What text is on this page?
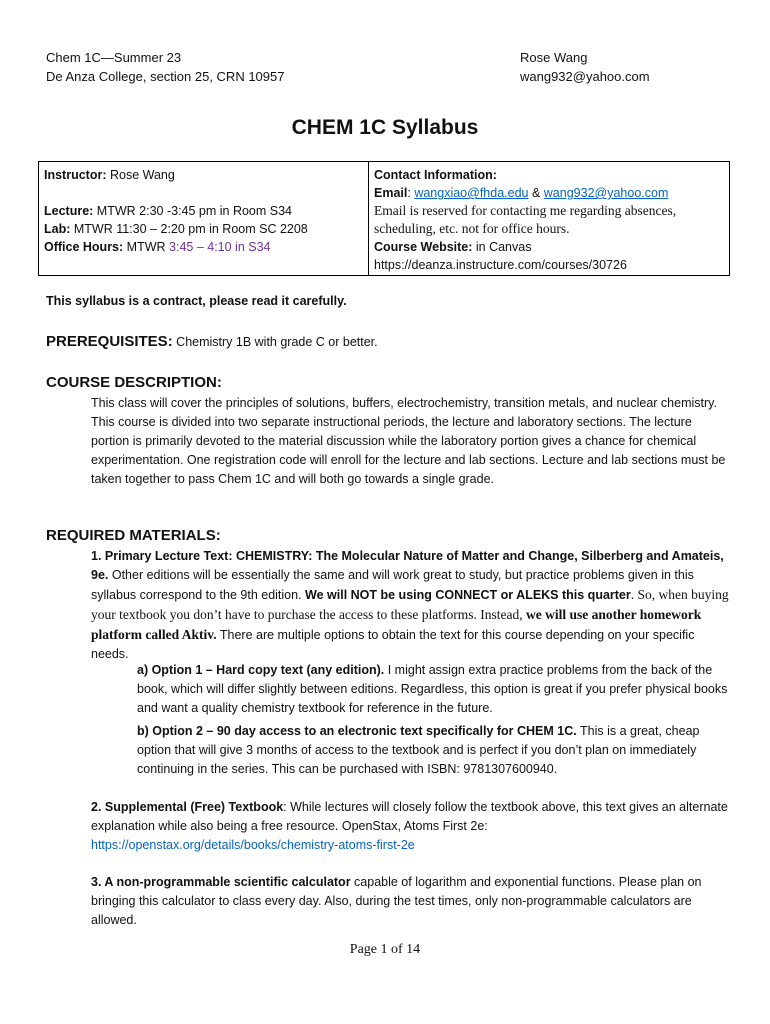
Chem 1C—Summer 23
De Anza College, section 25, CRN 10957
Rose Wang
wang932@yahoo.com
CHEM 1C Syllabus
Instructor: Rose Wang
Lecture: MTWR 2:30 -3:45 pm in Room S34
Lab: MTWR 11:30 – 2:20 pm in Room SC 2208
Office Hours: MTWR 3:45 – 4:10 in S34
Contact Information:
Email: wangxiao@fhda.edu & wang932@yahoo.com
Email is reserved for contacting me regarding absences, scheduling, etc. not for office hours.
Course Website: in Canvas
https://deanza.instructure.com/courses/30726
This syllabus is a contract, please read it carefully.
PREREQUISITES: Chemistry 1B with grade C or better.
COURSE DESCRIPTION:
This class will cover the principles of solutions, buffers, electrochemistry, transition metals, and nuclear chemistry. This course is divided into two separate instructional periods, the lecture and laboratory sections. The lecture portion is primarily devoted to the material discussion while the laboratory portion gives a chance for chemical experimentation. One registration code will enroll for the lecture and lab sections. Lecture and lab sections must be taken together to pass Chem 1C and will both go towards a single grade.
REQUIRED MATERIALS:
1. Primary Lecture Text: CHEMISTRY: The Molecular Nature of Matter and Change, Silberberg and Amateis, 9e. Other editions will be essentially the same and will work great to study, but practice problems given in this syllabus correspond to the 9th edition. We will NOT be using CONNECT or ALEKS this quarter. So, when buying your textbook you don’t have to purchase the access to these platforms. Instead, we will use another homework platform called Aktiv. There are multiple options to obtain the text for this course depending on your specific needs.
a) Option 1 – Hard copy text (any edition). I might assign extra practice problems from the back of the book, which will differ slightly between editions. Regardless, this option is great if you prefer physical books and want a quality chemistry textbook for reference in the future.
b) Option 2 – 90 day access to an electronic text specifically for CHEM 1C. This is a great, cheap option that will give 3 months of access to the textbook and is perfect if you don’t plan on immediately continuing in the series. This can be purchased with ISBN: 9781307600940.
2. Supplemental (Free) Textbook: While lectures will closely follow the textbook above, this text gives an alternate explanation while also being a free resource. OpenStax, Atoms First 2e:
https://openstax.org/details/books/chemistry-atoms-first-2e
3. A non-programmable scientific calculator capable of logarithm and exponential functions. Please plan on bringing this calculator to class every day. Also, during the test times, only non-programmable calculators are allowed.
Page 1 of 14
